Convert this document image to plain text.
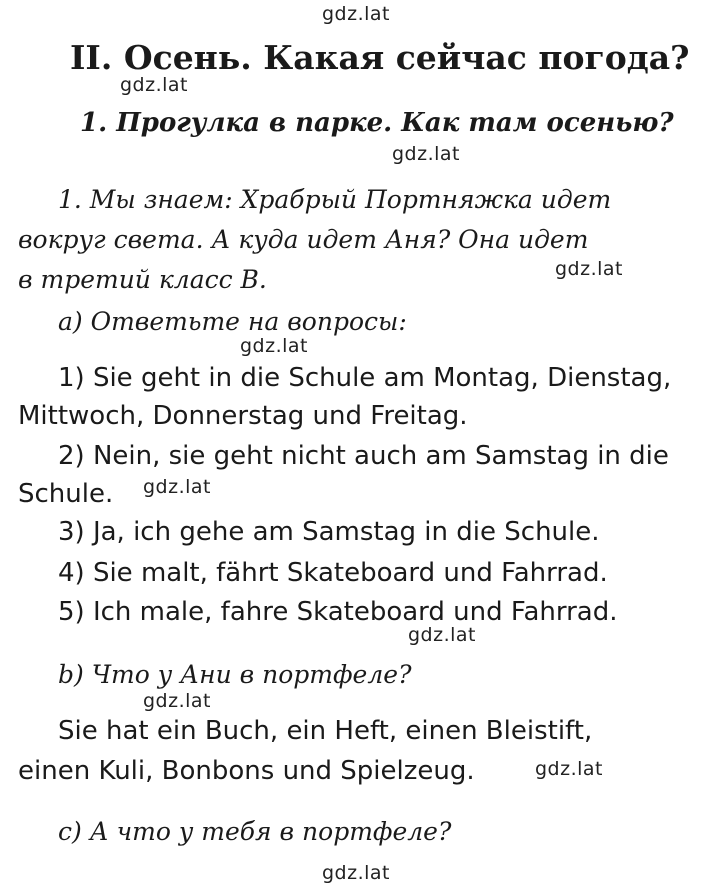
gdz.lat
gdz.lat
gdz.lat
gdz.lat
gdz.lat
gdz.lat
gdz.lat
gdz.lat
gdz.lat
gdz.lat
II. Осень. Какая сейчас погода?
1. Прогулка в парке. Как там осенью?
1. Мы знаем: Храбрый Портняжка идет
вокруг света. А куда идет Аня? Она идет
в третий класс В.
а) Ответьте на вопросы:
1) Sie geht in die Schule am Montag, Dienstag,
Mittwoch, Donnerstag und Freitag.
2) Nein, sie geht nicht auch am Samstag in die
Schule.
3) Ja, ich gehe am Samstag in die Schule.
4) Sie malt, fährt Skateboard und Fahrrad.
5) Ich male, fahre Skateboard und Fahrrad.
b) Что у Ани в портфеле?
Sie hat ein Buch, ein Heft, einen Bleistift,
einen Kuli, Bonbons und Spielzeug.
c) А что у тебя в портфеле?
